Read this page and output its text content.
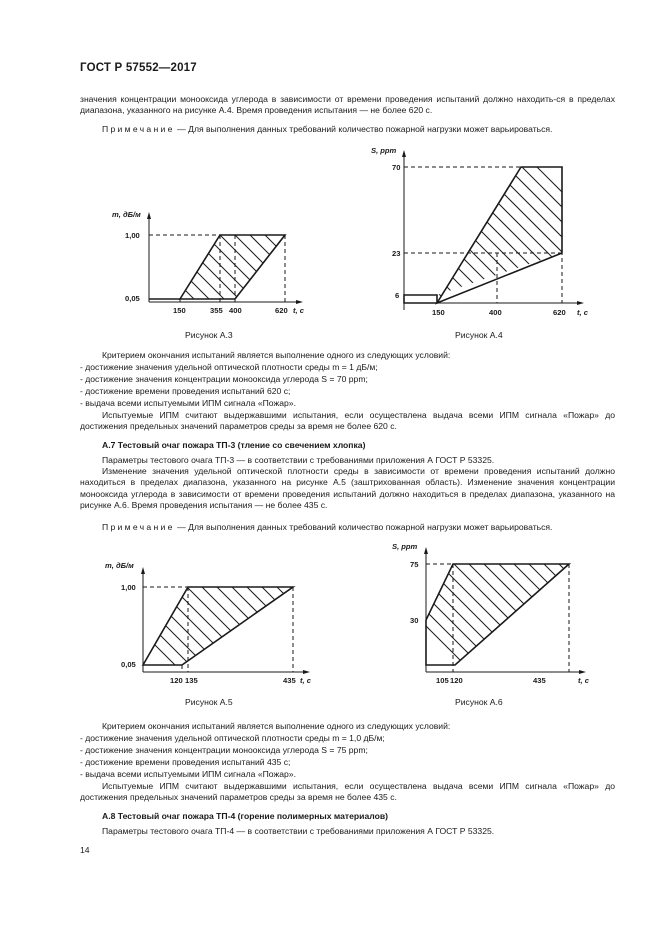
ГОСТ Р 57552—2017
значения концентрации монооксида углерода в зависимости от времени проведения испытаний должно находить-ся в пределах диапазона, указанного на рисунке А.4. Время проведения испытания — не более 620 с.
Примечание — Для выполнения данных требований количество пожарной нагрузки может варьироваться.
m, дБ/м
t, с
1,00
0,05
150	355 400	620
S, ppm
t, с
70
23
6
150	400	620
m, дБ/м
t, с
1,00
0,05
120 135	435
S, ppm
t, с
75
30
105 120	435
Рисунок А.3	Рисунок А.4
Критерием окончания испытаний является выполнение одного из следующих условий:
- достижение значения удельной оптической плотности среды m = 1 дБ/м;
- достижение значения концентрации монооксида углерода S = 70 ppm;
- достижение времени проведения испытаний 620 с;
- выдача всеми испытуемыми ИПМ сигнала «Пожар».
Испытуемые ИПМ считают выдержавшими испытания, если осуществлена выдача всеми ИПМ сигнала «Пожар» до достижения предельных значений параметров среды за время не более 620 с.
А.7 Тестовый очаг пожара ТП-3 (тление со свечением хлопка)
Параметры тестового очага ТП-3 — в соответствии с требованиями приложения А ГОСТ Р 53325.
Изменение значения удельной оптической плотности среды в зависимости от времени проведения испытаний должно находиться в пределах диапазона, указанного на рисунке А.5 (заштрихованная область). Изменение значения концентрации монооксида углерода в зависимости от времени проведения испытаний должно находиться в пределах диапазона, указанного на рисунке А.6. Время проведения испытания — не более 435 с.
Примечание — Для выполнения данных требований количество пожарной нагрузки может варьироваться.
Рисунок А.5	Рисунок А.6
Критерием окончания испытаний является выполнение одного из следующих условий:
- достижение значения удельной оптической плотности среды m = 1,0 дБ/м;
- достижение значения концентрации монооксида углерода S = 75 ppm;
- достижение времени проведения испытаний 435 с;
- выдача всеми испытуемыми ИПМ сигнала «Пожар».
Испытуемые ИПМ считают выдержавшими испытания, если осуществлена выдача всеми ИПМ сигнала «Пожар» до достижения предельных значений параметров среды за время не более 435 с.
А.8 Тестовый очаг пожара ТП-4 (горение полимерных материалов)
Параметры тестового очага ТП-4 — в соответствии с требованиями приложения А ГОСТ Р 53325.
14
